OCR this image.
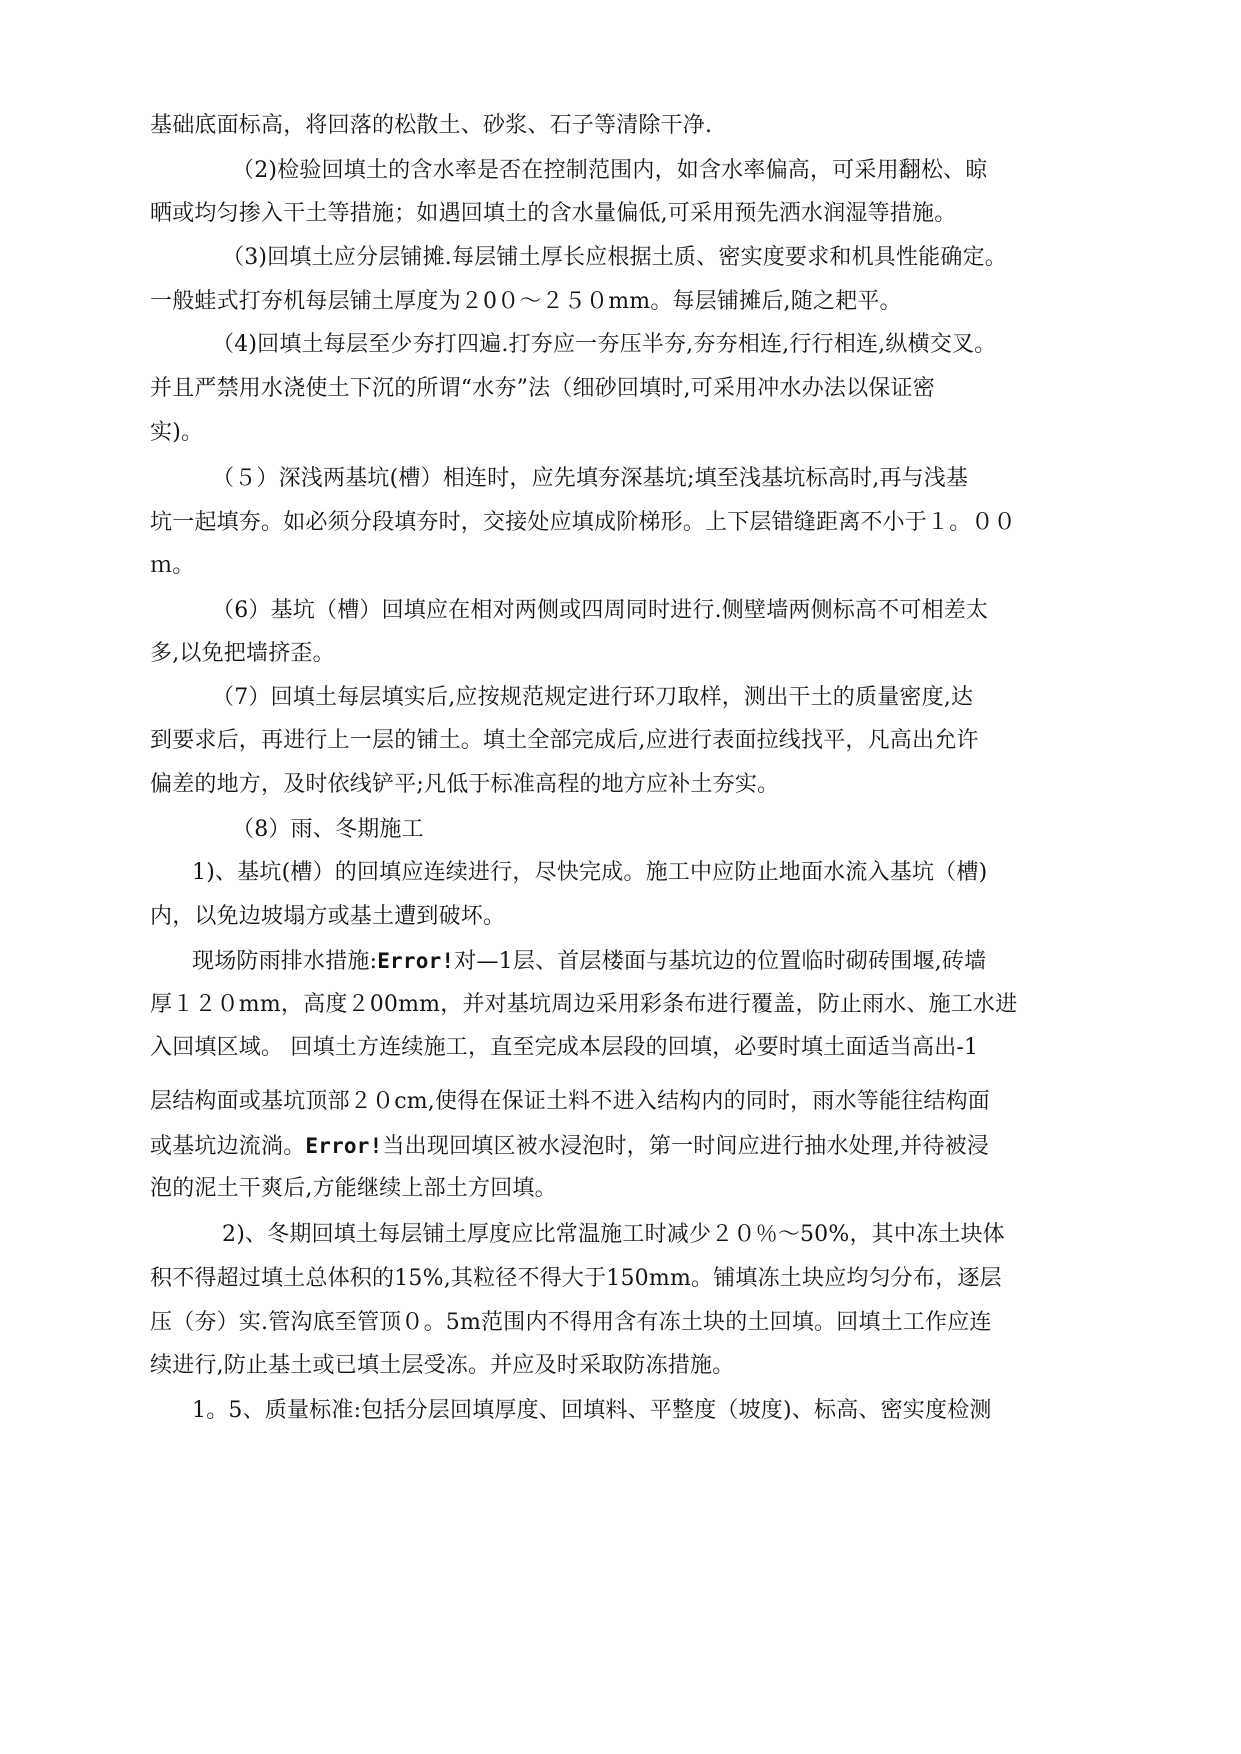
基础底面标高，将回落的松散土、砂浆、石子等清除干净.
（2)检验回填土的含水率是否在控制范围内，如含水率偏高，可采用翻松、晾
晒或均匀掺入干土等措施；如遇回填土的含水量偏低,可采用预先洒水润湿等措施。
（3)回填土应分层铺摊.每层铺土厚长应根据土质、密实度要求和机具性能确定。
一般蛙式打夯机每层铺土厚度为２0０～２５０mm。每层铺摊后,随之耙平。
（4)回填土每层至少夯打四遍.打夯应一夯压半夯,夯夯相连,行行相连,纵横交叉。
并且严禁用水浇使土下沉的所谓“水夯”法（细砂回填时,可采用冲水办法以保证密
实)。
（５）深浅两基坑(槽）相连时，应先填夯深基坑;填至浅基坑标高时,再与浅基
坑一起填夯。如必须分段填夯时，交接处应填成阶梯形。上下层错缝距离不小于１。００
ｍ。
（6）基坑（槽）回填应在相对两侧或四周同时进行.侧壁墙两侧标高不可相差太
多,以免把墙挤歪。
（7）回填土每层填实后,应按规范规定进行环刀取样，测出干土的质量密度,达
到要求后，再进行上一层的铺土。填土全部完成后,应进行表面拉线找平，凡高出允许
偏差的地方，及时依线铲平;凡低于标准高程的地方应补土夯实。
（8）雨、冬期施工
1)、基坑(槽）的回填应连续进行，尽快完成。施工中应防止地面水流入基坑（槽)
内，以免边坡塌方或基土遭到破坏。
现场防雨排水措施:Error!对—1层、首层楼面与基坑边的位置临时砌砖围堰,砖墙
厚１２０mm，高度２00mm，并对基坑周边采用彩条布进行覆盖，防止雨水、施工水进
入回填区域。 回填土方连续施工，直至完成本层段的回填，必要时填土面适当高出-1
层结构面或基坑顶部２０cm,使得在保证土料不进入结构内的同时，雨水等能往结构面
或基坑边流淌。Error!当出现回填区被水浸泡时，第一时间应进行抽水处理,并待被浸
泡的泥土干爽后,方能继续上部土方回填。
2)、冬期回填土每层铺土厚度应比常温施工时减少２０％～50%，其中冻土块体
积不得超过填土总体积的15%,其粒径不得大于150mm。铺填冻土块应均匀分布，逐层
压（夯）实.管沟底至管顶０。5m范围内不得用含有冻土块的土回填。回填土工作应连
续进行,防止基土或已填土层受冻。并应及时采取防冻措施。
1。5、质量标准:包括分层回填厚度、回填料、平整度（坡度)、标高、密实度检测
